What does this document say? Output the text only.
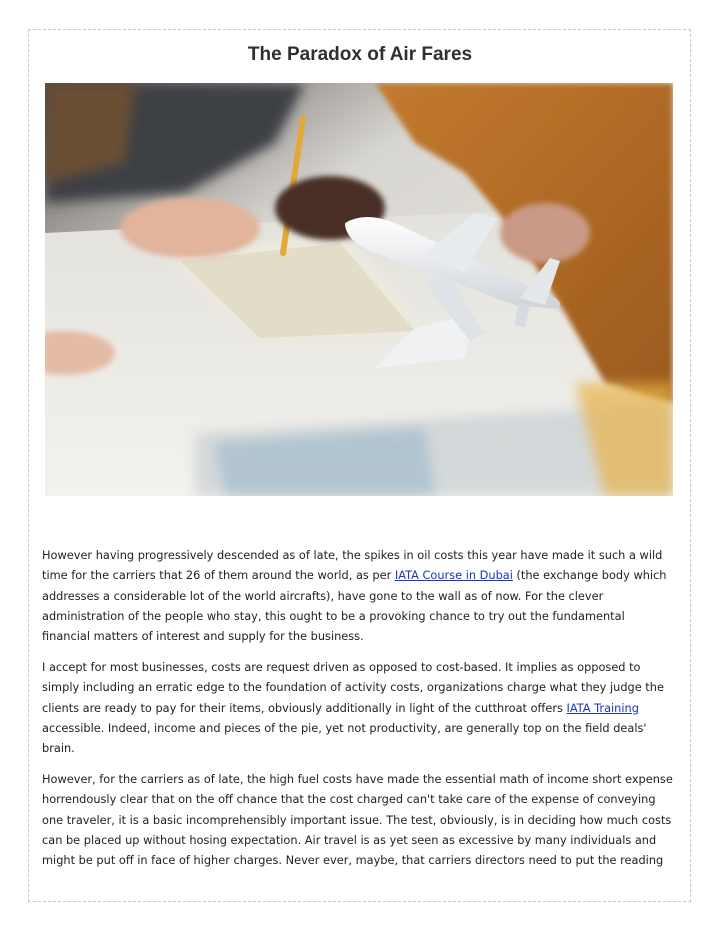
The Paradox of Air Fares

However having progressively descended as of late, the spikes in oil costs this year have made it such a wild time for the carriers that 26 of them around the world, as per IATA Course in Dubai (the exchange body which addresses a considerable lot of the world aircrafts), have gone to the wall as of now. For the clever administration of the people who stay, this ought to be a provoking chance to try out the fundamental financial matters of interest and supply for the business.

I accept for most businesses, costs are request driven as opposed to cost-based. It implies as opposed to simply including an erratic edge to the foundation of activity costs, organizations charge what they judge the clients are ready to pay for their items, obviously additionally in light of the cutthroat offers IATA Training accessible. Indeed, income and pieces of the pie, yet not productivity, are generally top on the field deals' brain.

However, for the carriers as of late, the high fuel costs have made the essential math of income short expense horrendously clear that on the off chance that the cost charged can't take care of the expense of conveying one traveler, it is a basic incomprehensibly important issue. The test, obviously, is in deciding how much costs can be placed up without hosing expectation. Air travel is as yet seen as excessive by many individuals and might be put off in face of higher charges. Never ever, maybe, that carriers directors need to put the reading
